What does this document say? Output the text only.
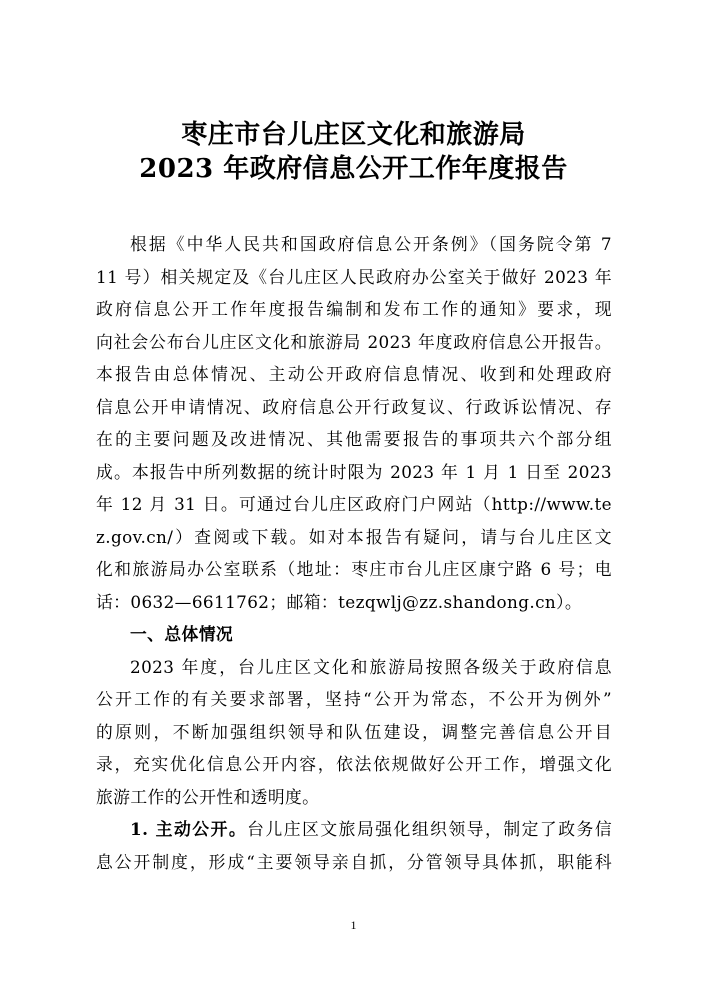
枣庄市台儿庄区文化和旅游局
2023 年政府信息公开工作年度报告
根据《中华人民共和国政府信息公开条例》（国务院令第 7
11 号）相关规定及《台儿庄区人民政府办公室关于做好 2023 年
政府信息公开工作年度报告编制和发布工作的通知》要求，现
向社会公布台儿庄区文化和旅游局 2023 年度政府信息公开报告。
本报告由总体情况、主动公开政府信息情况、收到和处理政府
信息公开申请情况、政府信息公开行政复议、行政诉讼情况、存
在的主要问题及改进情况、其他需要报告的事项共六个部分组
成。本报告中所列数据的统计时限为 2023 年 1 月 1 日至 2023
年 12 月 31 日。可通过台儿庄区政府门户网站（http://www.te
z.gov.cn/）查阅或下载。如对本报告有疑问，请与台儿庄区文
化和旅游局办公室联系（地址：枣庄市台儿庄区康宁路 6 号；电
话：0632—6611762；邮箱：tezqwlj@zz.shandong.cn）。
一、总体情况
2023 年度，台儿庄区文化和旅游局按照各级关于政府信息
公开工作的有关要求部署，坚持“公开为常态，不公开为例外”
的原则，不断加强组织领导和队伍建设，调整完善信息公开目
录，充实优化信息公开内容，依法依规做好公开工作，增强文化
旅游工作的公开性和透明度。
1. 主动公开。台儿庄区文旅局强化组织领导，制定了政务信
息公开制度，形成“主要领导亲自抓，分管领导具体抓，职能科
1
